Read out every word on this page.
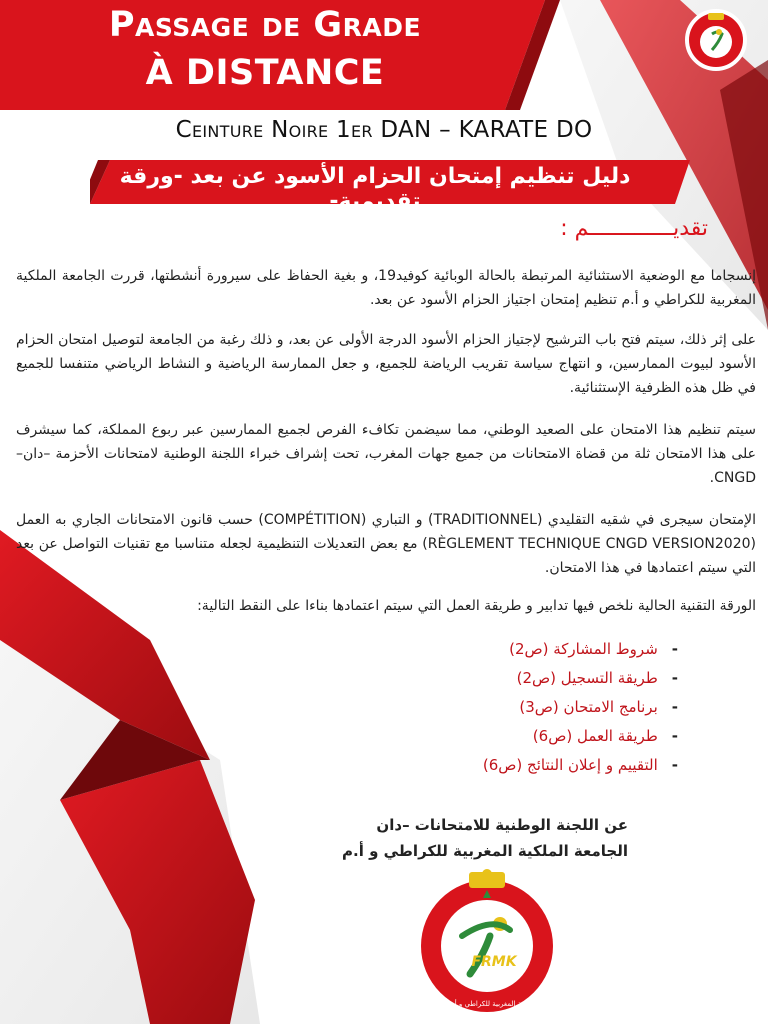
Passage de Grade
À DISTANCE
Ceinture Noire 1er DAN – KARATE DO
دليل تنظيم إمتحان الحزام الأسود عن بعد -ورقة تقديمية-
تقديـــــــــــــم :
إنسجاما مع الوضعية الاستثنائية المرتبطة بالحالة الوبائية كوفيد19، و بغية الحفاظ على سيرورة أنشطتها، قررت الجامعة الملكية المغربية للكراطي و أ.م تنظيم إمتحان اجتياز الحزام الأسود عن بعد.
على إثر ذلك، سيتم فتح باب الترشيح لإجتياز الحزام الأسود الدرجة الأولى عن بعد، و ذلك رغبة من الجامعة لتوصيل امتحان الحزام الأسود لبيوت الممارسين، و انتهاج سياسة تقريب الرياضة للجميع، و جعل الممارسة الرياضية و النشاط الرياضي متنفسا للجميع في ظل هذه الظرفية الإستثنائية.
سيتم تنظيم هذا الامتحان على الصعيد الوطني، مما سيضمن تكافء الفرص لجميع الممارسين عبر ربوع المملكة، كما سيشرف على هذا الامتحان ثلة من قضاة الامتحانات من جميع جهات المغرب، تحت إشراف خبراء اللجنة الوطنية لامتحانات الأحزمة –دان– CNGD.
الإمتحان سيجرى في شقيه التقليدي (TRADITIONNEL) و التباري (COMPÉTITION) حسب قانون الامتحانات الجاري به العمل (RÈGLEMENT TECHNIQUE CNGD VERSION2020) مع بعض التعديلات التنظيمية لجعله متناسبا مع تقنيات التواصل عن بعد التي سيتم اعتمادها في هذا الامتحان.
الورقة التقنية الحالية نلخص فيها تدابير و طريقة العمل التي سيتم اعتمادها بناءا على النقط التالية:
-
شروط المشاركة (ص2)
-
طريقة التسجيل (ص2)
-
برنامج الامتحان (ص3)
-
طريقة العمل (ص6)
-
التقييم و إعلان النتائج (ص6)
عن اللجنة الوطنية للامتحانات –دان
الجامعة الملكية المغربية للكراطي و أ.م
FRMK
الجامعة الملكية المغربية للكراطي و أساليب مشابهة
